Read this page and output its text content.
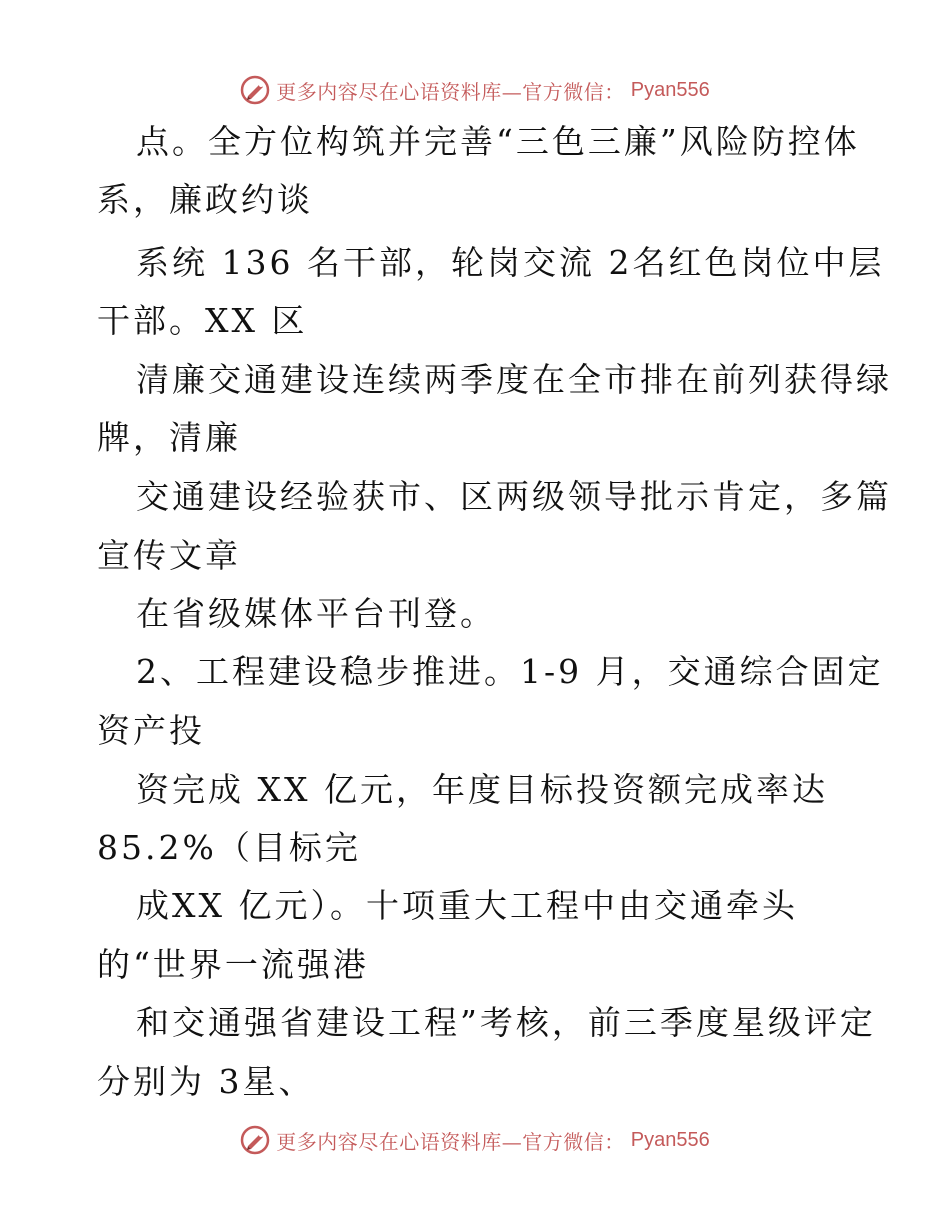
更多内容尽在心语资料库—官方微信： Pyan556
点。全方位构筑并完善“三色三廉”风险防控体
系，廉政约谈
系统 136 名干部，轮岗交流 2名红色岗位中层
干部。XX 区
清廉交通建设连续两季度在全市排在前列获得绿
牌，清廉
交通建设经验获市、区两级领导批示肯定，多篇
宣传文章
在省级媒体平台刊登。
2、工程建设稳步推进。1-9 月，交通综合固定
资产投
资完成 XX 亿元，年度目标投资额完成率达
85.2%（目标完
成XX 亿元）。十项重大工程中由交通牵头
的“世界一流强港
和交通强省建设工程”考核，前三季度星级评定
分别为 3星、
更多内容尽在心语资料库—官方微信： Pyan556
